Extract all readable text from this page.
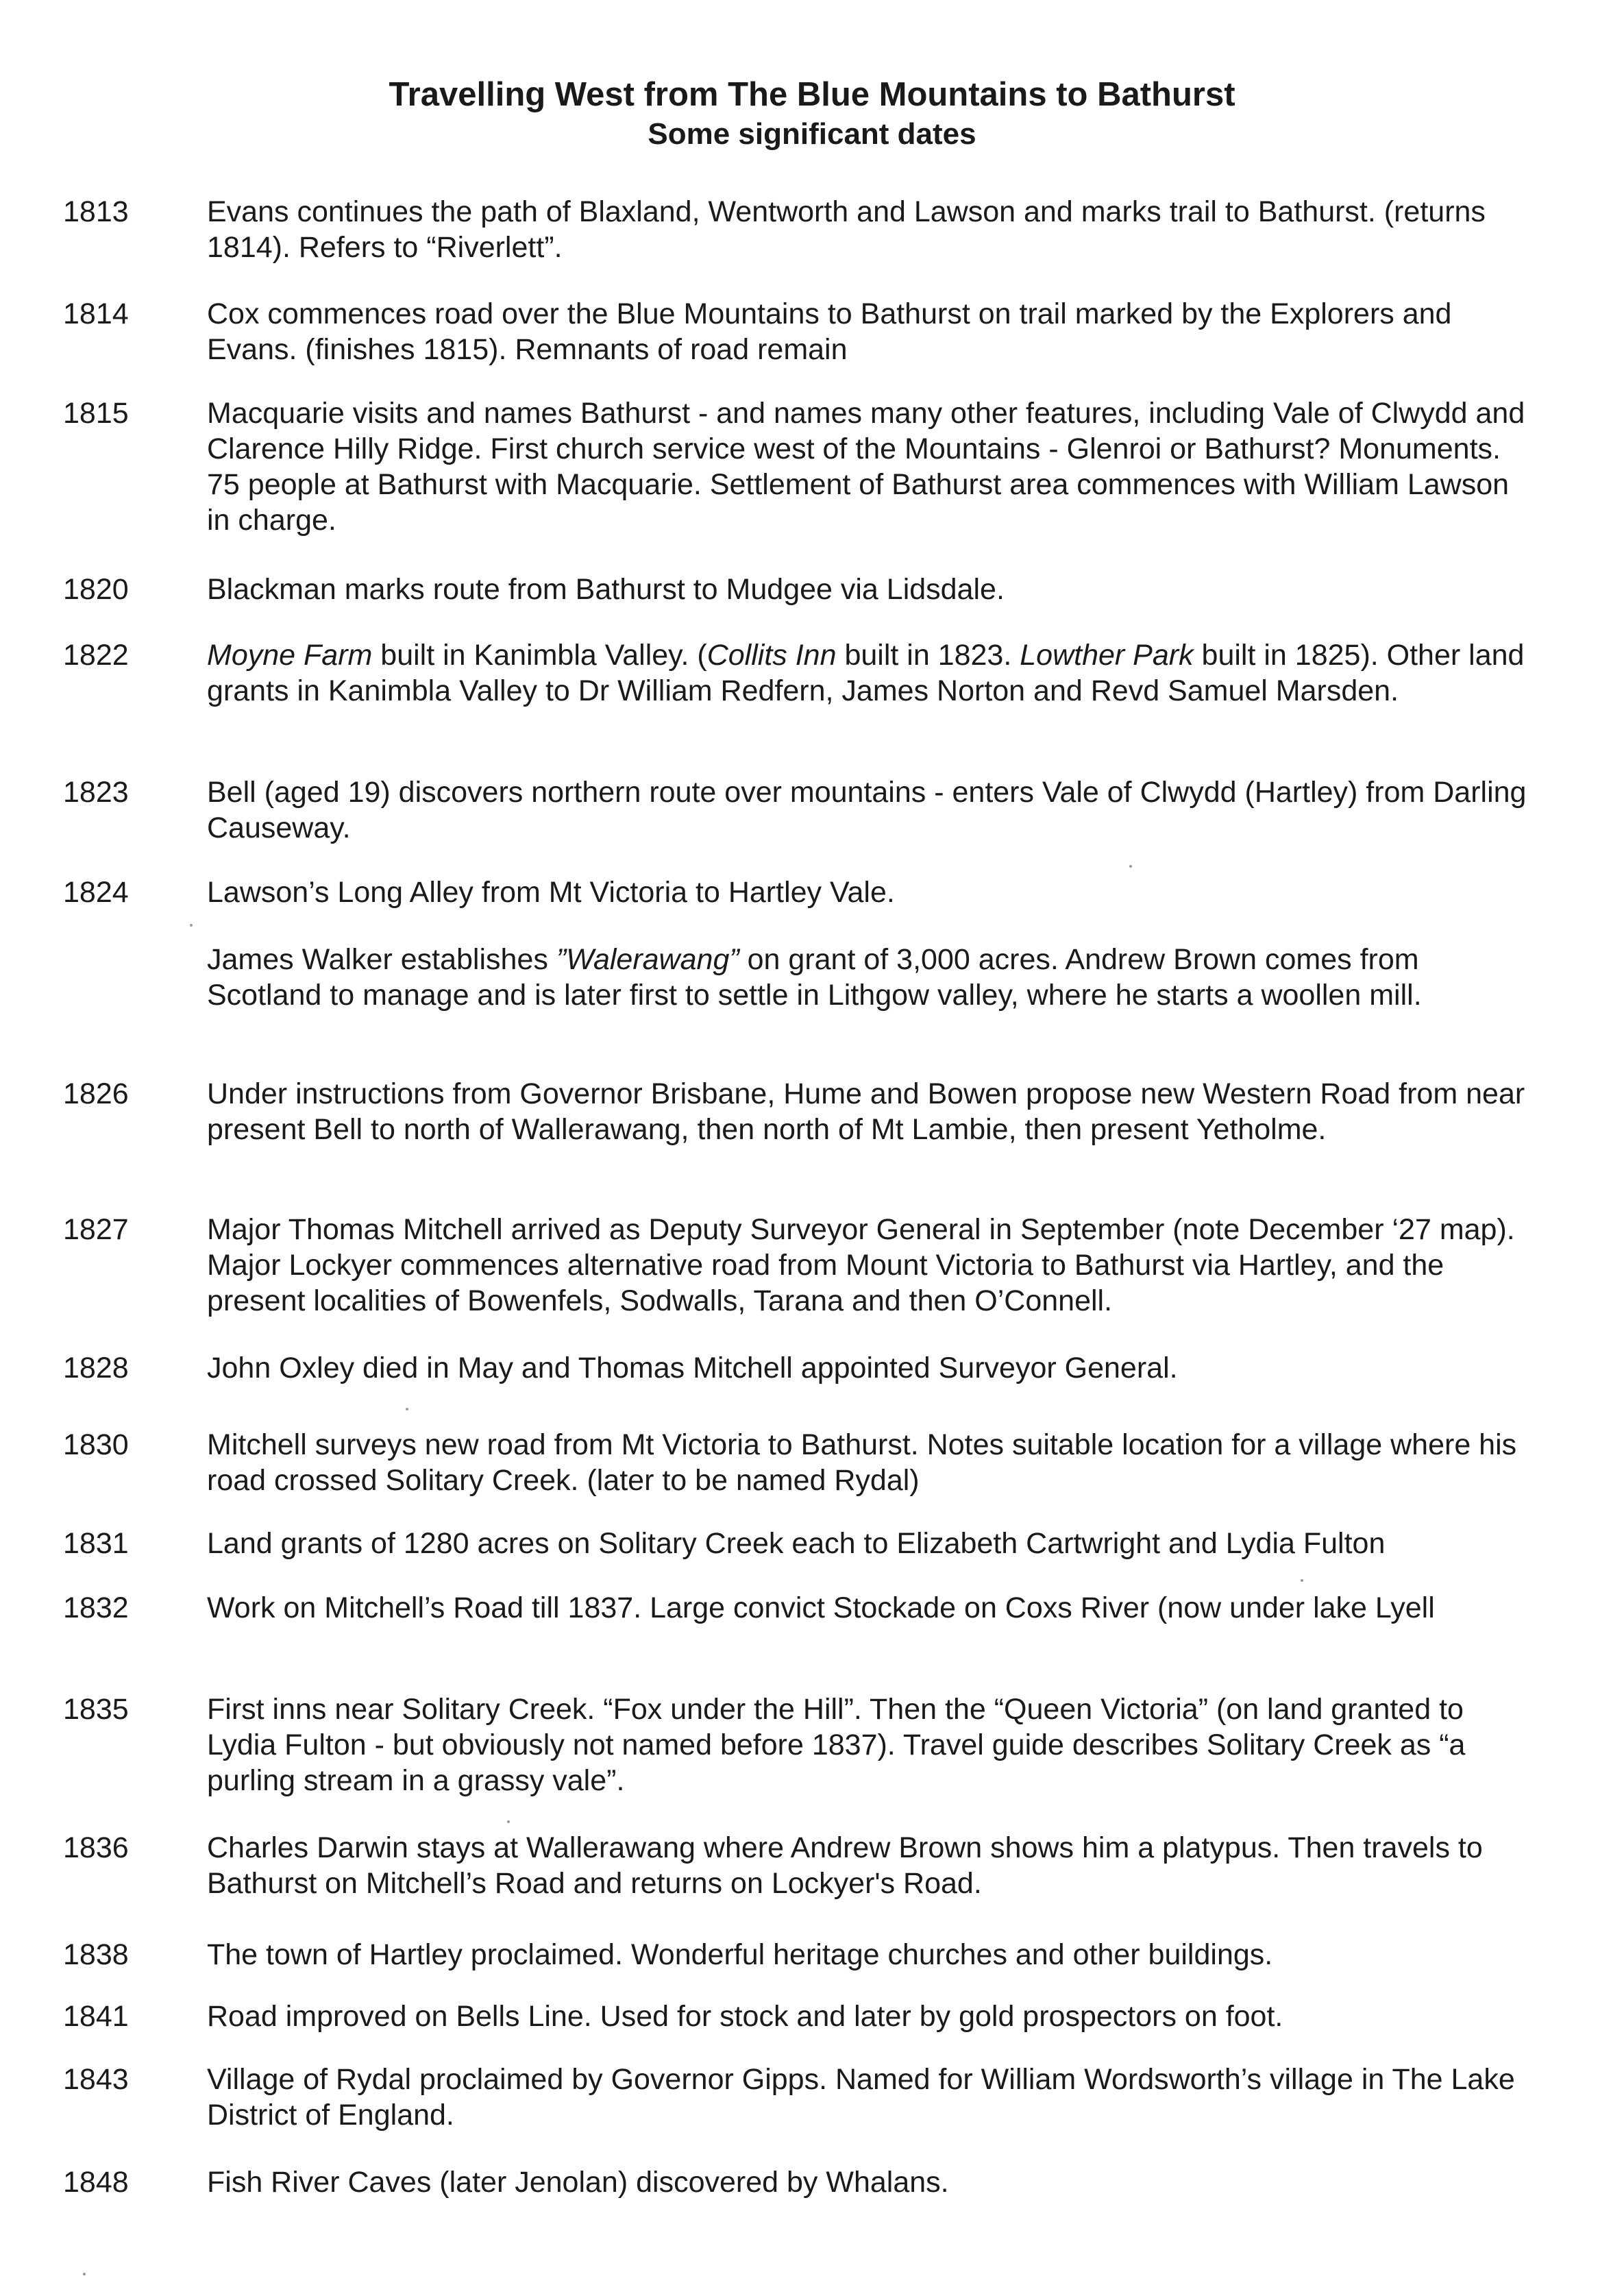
Travelling West from The Blue Mountains to Bathurst

Some significant dates

1813	Evans continues the path of Blaxland, Wentworth and Lawson and marks trail to Bathurst. (returns 1814). Refers to “Riverlett”.
1814	Cox commences road over the Blue Mountains to Bathurst on trail marked by the Explorers and Evans. (finishes 1815). Remnants of road remain
1815	Macquarie visits and names Bathurst - and names many other features, including Vale of Clwydd and Clarence Hilly Ridge. First church service west of the Mountains - Glenroi or Bathurst? Monuments. 75 people at Bathurst with Macquarie. Settlement of Bathurst area commences with William Lawson in charge.
1820	Blackman marks route from Bathurst to Mudgee via Lidsdale.
1822	Moyne Farm built in Kanimbla Valley. (Collits Inn built in 1823. Lowther Park built in 1825). Other land grants in Kanimbla Valley to Dr William Redfern, James Norton and Revd Samuel Marsden.
1823	Bell (aged 19) discovers northern route over mountains - enters Vale of Clwydd (Hartley) from Darling Causeway.
1824	Lawson’s Long Alley from Mt Victoria to Hartley Vale.
James Walker establishes ”Walerawang” on grant of 3,000 acres. Andrew Brown comes from Scotland to manage and is later first to settle in Lithgow valley, where he starts a woollen mill.
1826	Under instructions from Governor Brisbane, Hume and Bowen propose new Western Road from near present Bell to north of Wallerawang, then north of Mt Lambie, then present Yetholme.
1827	Major Thomas Mitchell arrived as Deputy Surveyor General in September (note December ‘27 map). Major Lockyer commences alternative road from Mount Victoria to Bathurst via Hartley, and the present localities of Bowenfels, Sodwalls, Tarana and then O’Connell.
1828	John Oxley died in May and Thomas Mitchell appointed Surveyor General.
1830	Mitchell surveys new road from Mt Victoria to Bathurst. Notes suitable location for a village where his road crossed Solitary Creek. (later to be named Rydal)
1831	Land grants of 1280 acres on Solitary Creek each to Elizabeth Cartwright and Lydia Fulton
1832	Work on Mitchell’s Road till 1837. Large convict Stockade on Coxs River (now under lake Lyell
1835	First inns near Solitary Creek. “Fox under the Hill”. Then the “Queen Victoria” (on land granted to Lydia Fulton - but obviously not named before 1837). Travel guide describes Solitary Creek as “a purling stream in a grassy vale”.
1836	Charles Darwin stays at Wallerawang where Andrew Brown shows him a platypus. Then travels to Bathurst on Mitchell’s Road and returns on Lockyer's Road.
1838	The town of Hartley proclaimed. Wonderful heritage churches and other buildings.
1841	Road improved on Bells Line. Used for stock and later by gold prospectors on foot.
1843	Village of Rydal proclaimed by Governor Gipps. Named for William Wordsworth’s village in The Lake District of England.
1848	Fish River Caves (later Jenolan) discovered by Whalans.
